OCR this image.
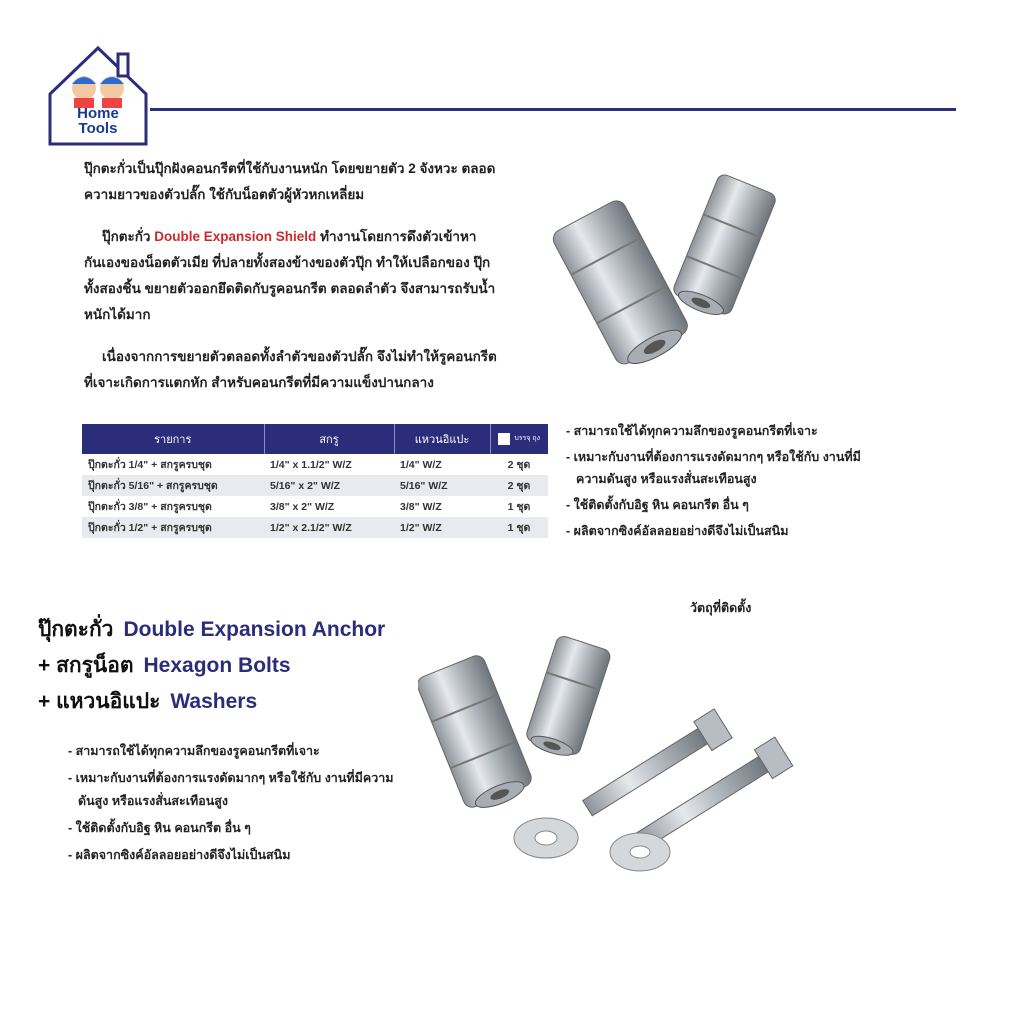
Home
Tools

ปุ๊กตะกั่วเป็นปุ๊กฝังคอนกรีตที่ใช้กับงานหนัก โดยขยายตัว 2 จังหวะ ตลอดความยาวของตัวปลั๊ก ใช้กับน็อตตัวผู้หัวหกเหลี่ยม

ปุ๊กตะกั่ว Double Expansion Shield ทำงานโดยการดึงตัวเข้าหากันเองของน็อตตัวเมีย ที่ปลายทั้งสองข้างของตัวปุ๊ก ทำให้เปลือกของ ปุ๊กทั้งสองชิ้น ขยายตัวออกยึดติดกับรูคอนกรีต ตลอดลำตัว จึงสามารถรับน้ำหนักได้มาก

เนื่องจากการขยายตัวตลอดทั้งลำตัวของตัวปลั๊ก จึงไม่ทำให้รูคอนกรีต ที่เจาะเกิดการแตกหัก สำหรับคอนกรีตที่มีความแข็งปานกลาง

รายการ	สกรู	แหวนอิแปะ	บรรจุ ถุง
ปุ๊กตะกั่ว 1/4" + สกรูครบชุด	1/4" x 1.1/2" W/Z	1/4" W/Z	2 ชุด
ปุ๊กตะกั่ว 5/16" + สกรูครบชุด	5/16" x 2" W/Z	5/16" W/Z	2 ชุด
ปุ๊กตะกั่ว 3/8" + สกรูครบชุด	3/8" x 2" W/Z	3/8" W/Z	1 ชุด
ปุ๊กตะกั่ว 1/2" + สกรูครบชุด	1/2" x 2.1/2" W/Z	1/2" W/Z	1 ชุด
- สามารถใช้ได้ทุกความลึกของรูคอนกรีตที่เจาะ
- เหมาะกับงานที่ต้องการแรงดัดมากๆ หรือใช้กับ งานที่มีความดันสูง หรือแรงสั่นสะเทือนสูง
- ใช้ติดตั้งกับอิฐ หิน คอนกรีต อื่น ๆ
- ผลิตจากซิงค์อัลลอยอย่างดีจึงไม่เป็นสนิม
วัตถุที่ติดตั้ง
ปุ๊กตะกั่ว Double Expansion Anchor
+ สกรูน็อต Hexagon Bolts
+ แหวนอิแปะ Washers
- สามารถใช้ได้ทุกความลึกของรูคอนกรีตที่เจาะ
- เหมาะกับงานที่ต้องการแรงดัดมากๆ หรือใช้กับ งานที่มีความดันสูง หรือแรงสั่นสะเทือนสูง
- ใช้ติดตั้งกับอิฐ หิน คอนกรีต อื่น ๆ
- ผลิตจากซิงค์อัลลอยอย่างดีจึงไม่เป็นสนิม
